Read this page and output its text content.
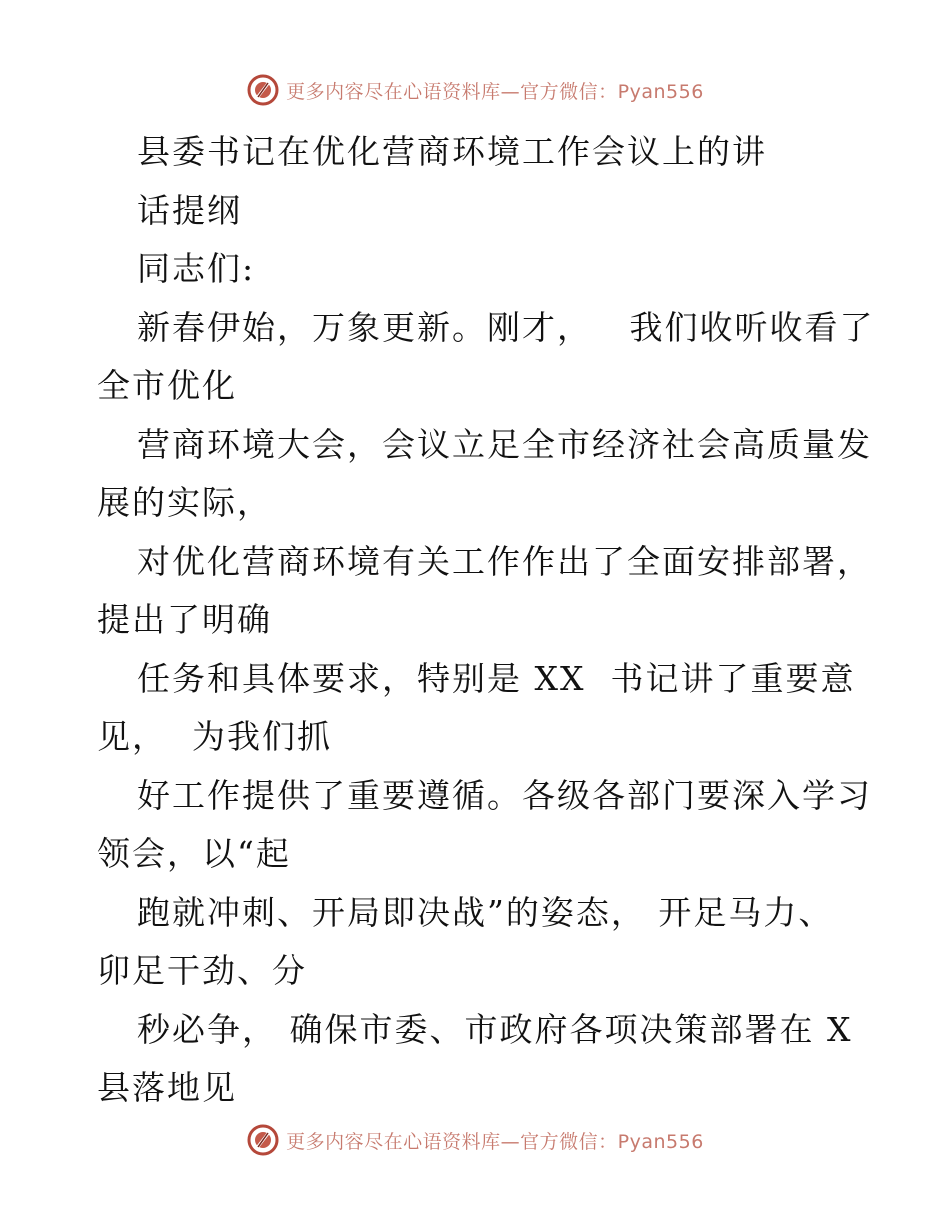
更多内容尽在心语资料库—官方微信：Pyan556
县委书记在优化营商环境工作会议上的讲
话提纲
同志们:
新春伊始，万象更新。刚才，   我们收听收看了
全市优化
营商环境大会，会议立足全市经济社会高质量发
展的实际，
对优化营商环境有关工作作出了全面安排部署，
提出了明确
任务和具体要求，特别是 XX  书记讲了重要意
见，  为我们抓
好工作提供了重要遵循。各级各部门要深入学习
领会，以“起
跑就冲刺、开局即决战”的姿态， 开足马力、
卯足干劲、分
秒必争， 确保市委、市政府各项决策部署在 X
县落地见
更多内容尽在心语资料库—官方微信：Pyan556
